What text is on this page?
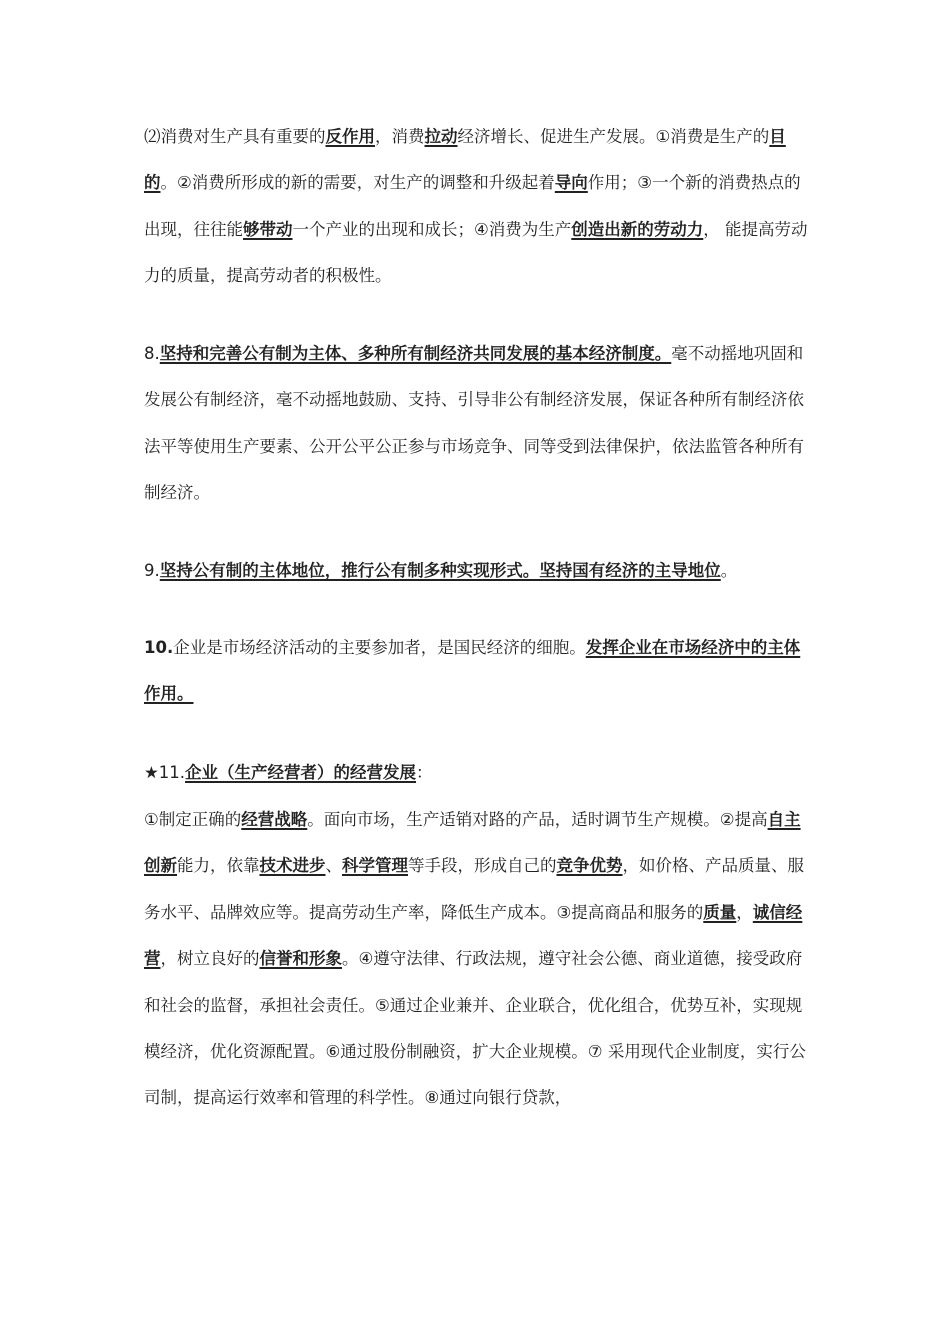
⑵消费对生产具有重要的反作用，消费拉动经济增长、促进生产发展。①消费是生产的目的。②消费所形成的新的需要，对生产的调整和升级起着导向作用；③一个新的消费热点的出现，往往能够带动一个产业的出现和成长；④消费为生产创造出新的劳动力， 能提高劳动力的质量，提高劳动者的积极性。

8.坚持和完善公有制为主体、多种所有制经济共同发展的基本经济制度。毫不动摇地巩固和发展公有制经济，毫不动摇地鼓励、支持、引导非公有制经济发展，保证各种所有制经济依法平等使用生产要素、公开公平公正参与市场竞争、同等受到法律保护，依法监管各种所有制经济。

9.坚持公有制的主体地位，推行公有制多种实现形式。坚持国有经济的主导地位。

10.企业是市场经济活动的主要参加者，是国民经济的细胞。发挥企业在市场经济中的主体作用。

★11.企业（生产经营者）的经营发展：

①制定正确的经营战略。面向市场，生产适销对路的产品，适时调节生产规模。②提高自主创新能力，依靠技术进步、科学管理等手段，形成自己的竞争优势，如价格、产品质量、服务水平、品牌效应等。提高劳动生产率，降低生产成本。③提高商品和服务的质量，诚信经营，树立良好的信誉和形象。④遵守法律、行政法规，遵守社会公德、商业道德，接受政府和社会的监督，承担社会责任。⑤通过企业兼并、企业联合，优化组合，优势互补，实现规模经济，优化资源配置。⑥通过股份制融资，扩大企业规模。⑦ 采用现代企业制度，实行公司制，提高运行效率和管理的科学性。⑧通过向银行贷款，
